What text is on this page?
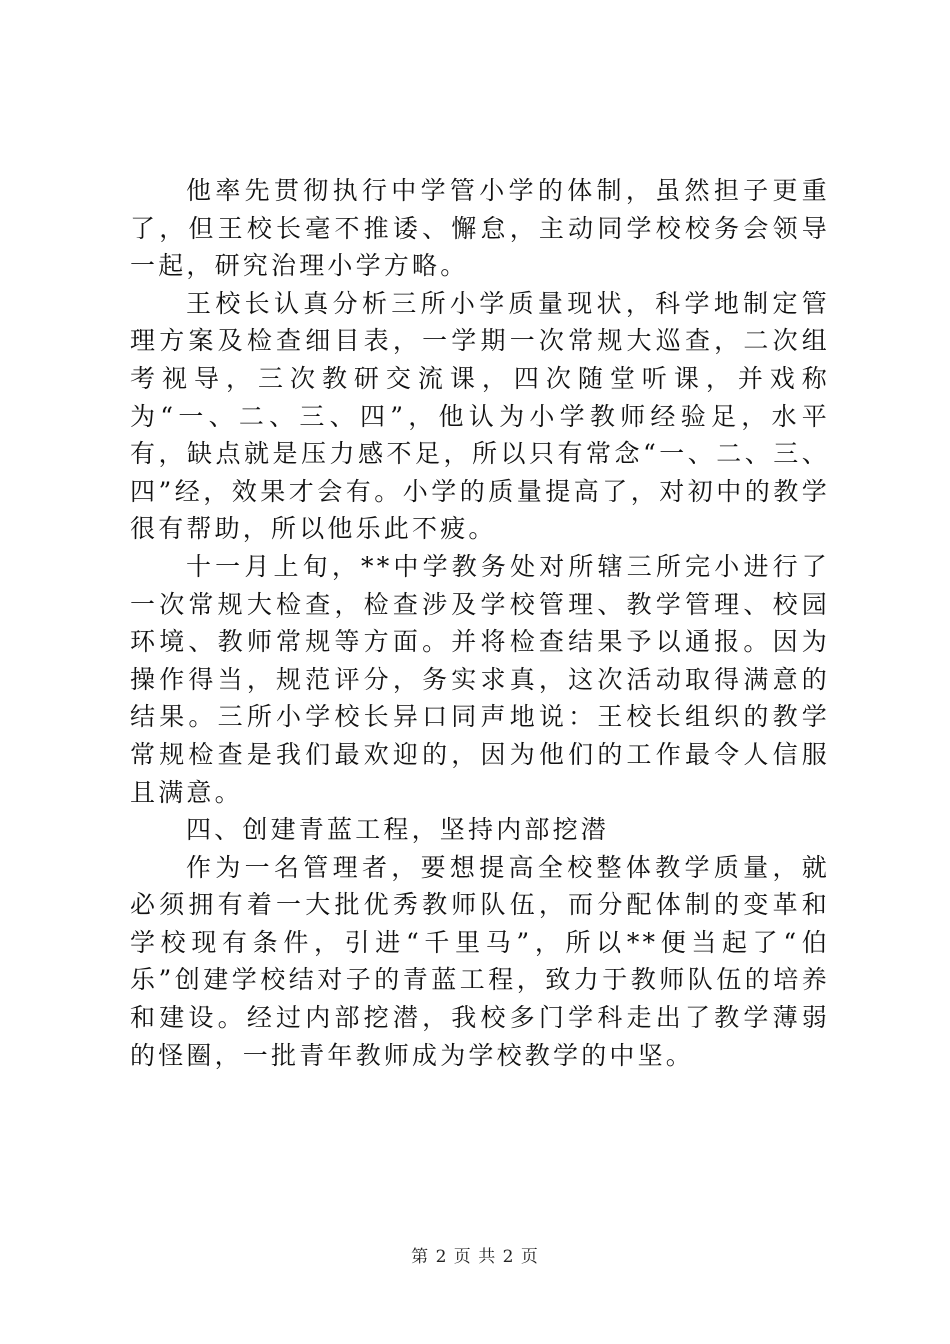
他率先贯彻执行中学管小学的体制，虽然担子更重了，但王校长毫不推诿、懈怠，主动同学校校务会领导一起，研究治理小学方略。

王校长认真分析三所小学质量现状，科学地制定管理方案及检查细目表，一学期一次常规大巡查，二次组考视导，三次教研交流课，四次随堂听课，并戏称为“一、二、三、四”，他认为小学教师经验足，水平有，缺点就是压力感不足，所以只有常念“一、二、三、四”经，效果才会有。小学的质量提高了，对初中的教学很有帮助，所以他乐此不疲。

十一月上旬，**中学教务处对所辖三所完小进行了一次常规大检查，检查涉及学校管理、教学管理、校园环境、教师常规等方面。并将检查结果予以通报。因为操作得当，规范评分，务实求真，这次活动取得满意的结果。三所小学校长异口同声地说：王校长组织的教学常规检查是我们最欢迎的，因为他们的工作最令人信服且满意。

四、创建青蓝工程，坚持内部挖潜

作为一名管理者，要想提高全校整体教学质量，就必须拥有着一大批优秀教师队伍，而分配体制的变革和学校现有条件，引进“千里马”，所以**便当起了“伯乐”创建学校结对子的青蓝工程，致力于教师队伍的培养和建设。经过内部挖潜，我校多门学科走出了教学薄弱的怪圈，一批青年教师成为学校教学的中坚。

第 2 页 共 2 页
